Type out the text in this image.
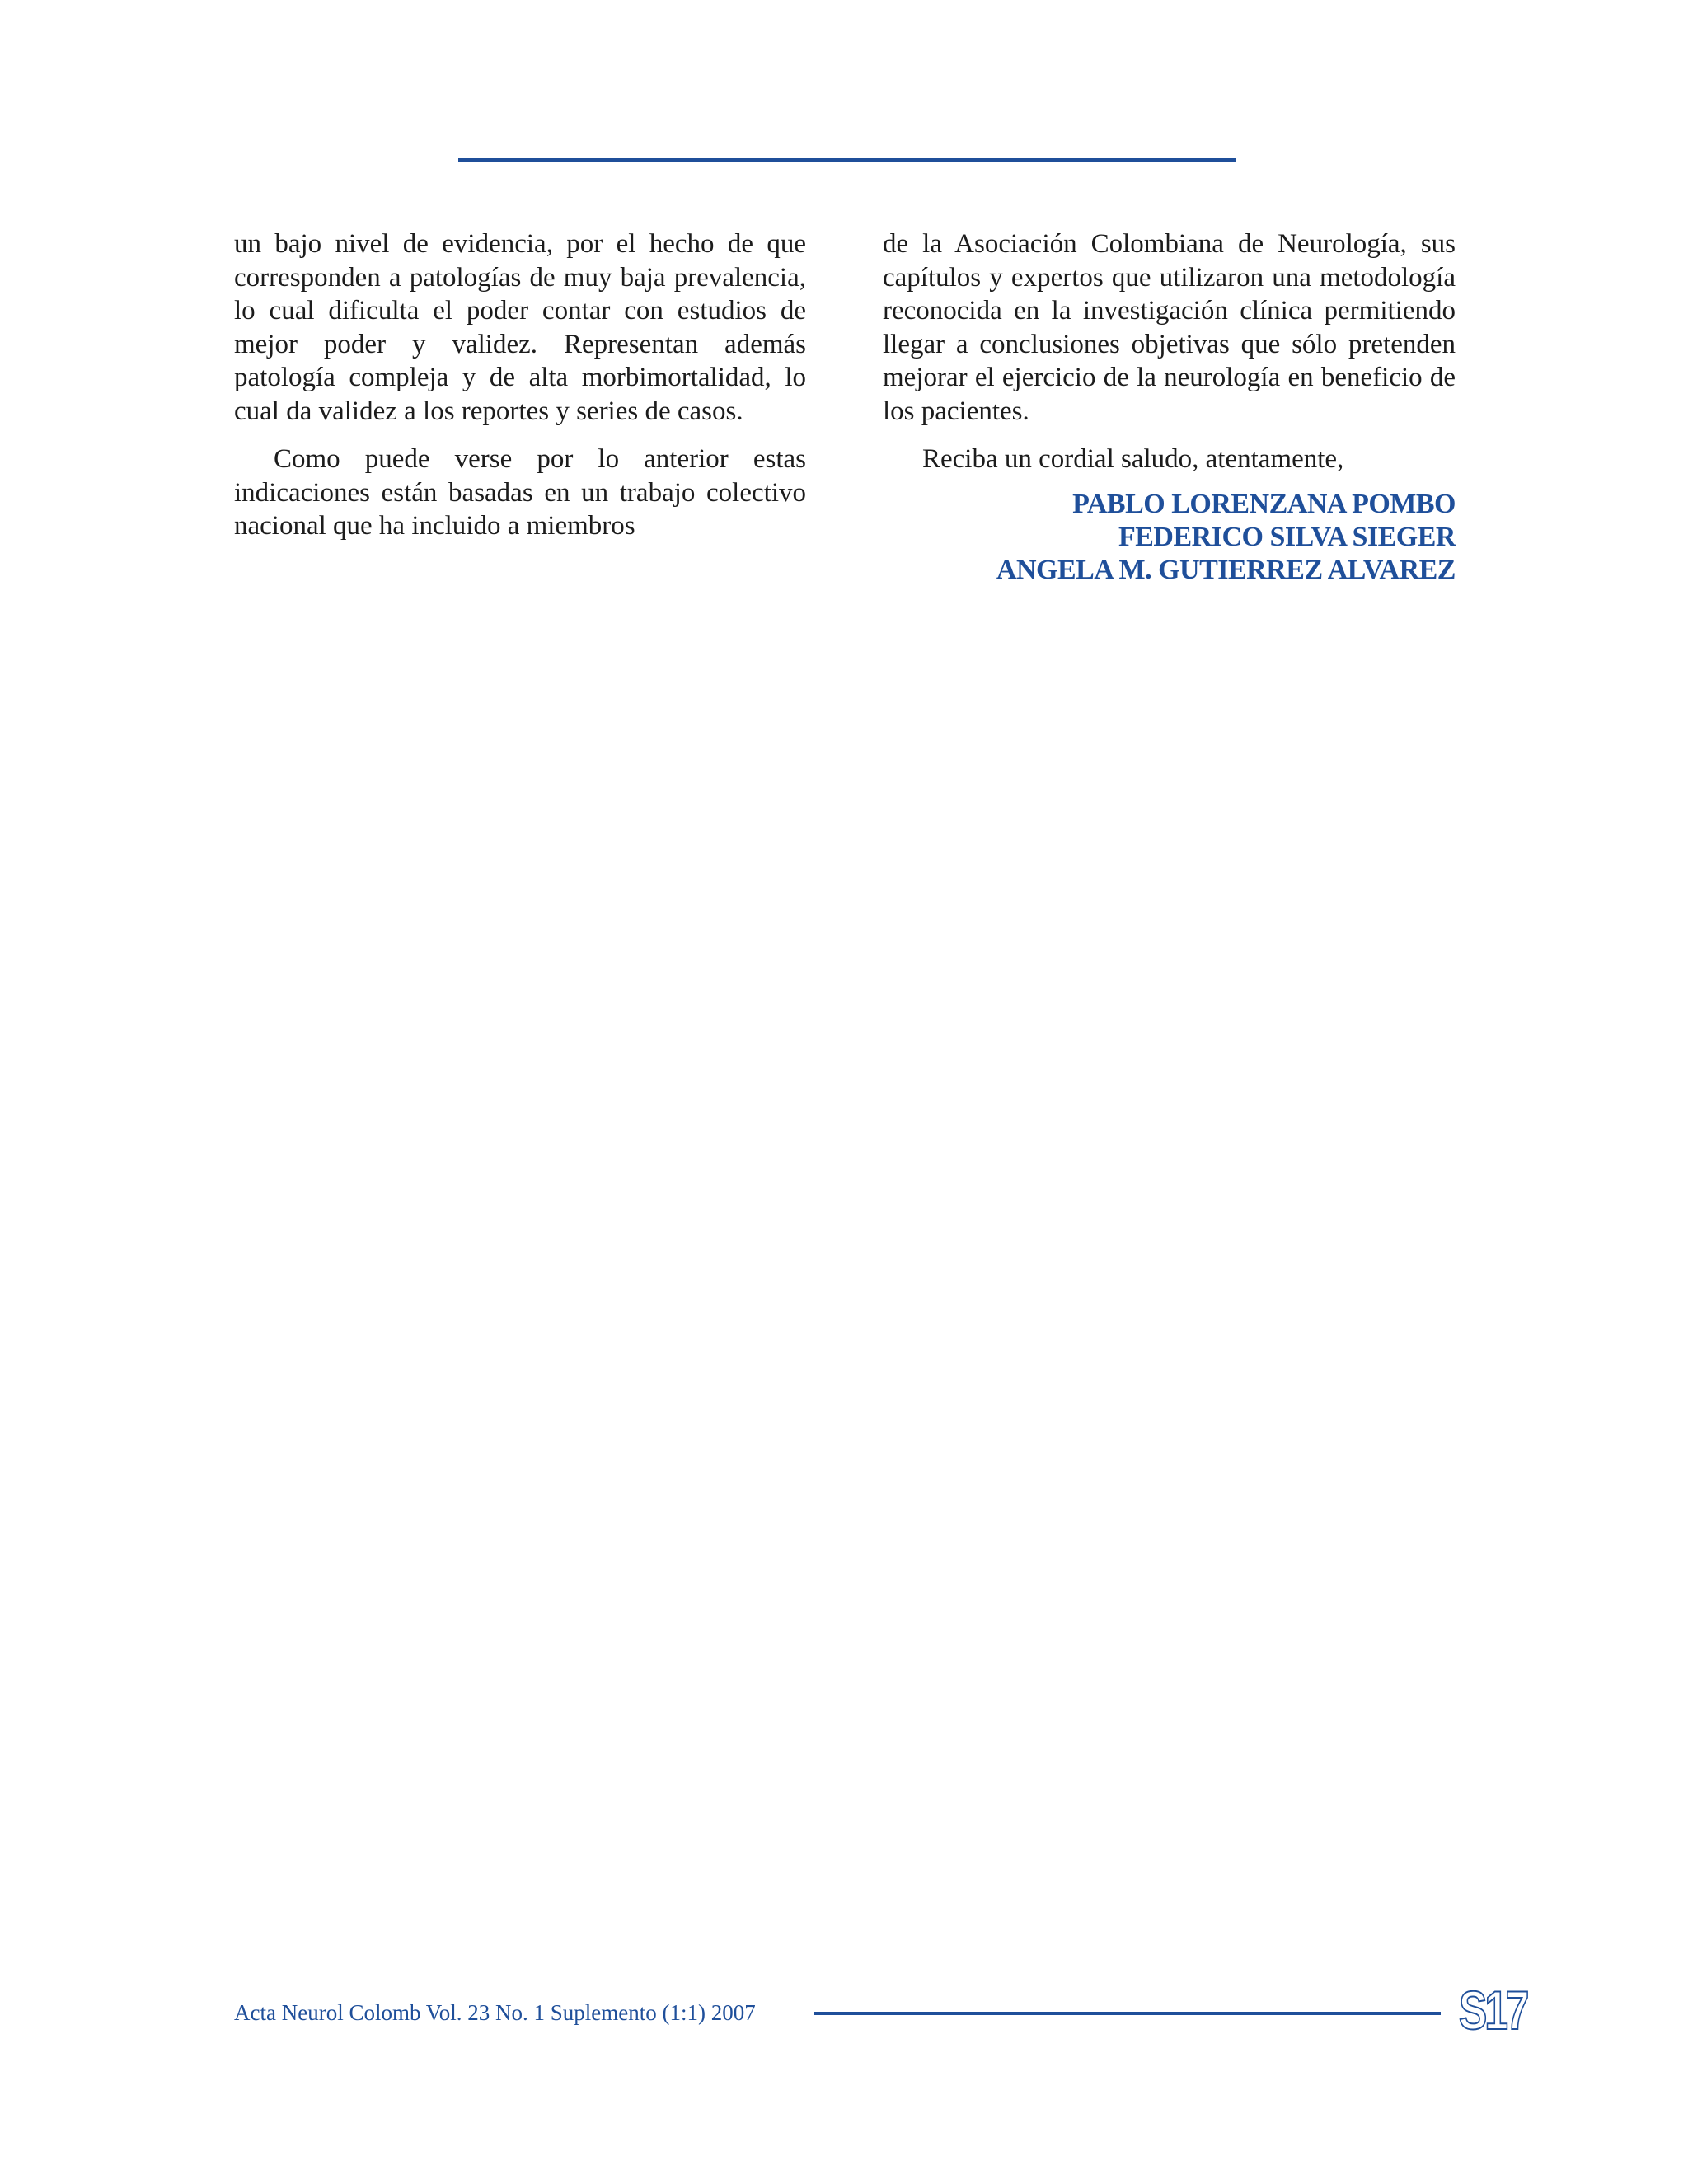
un bajo nivel de evidencia, por el hecho de que corresponden a patologías de muy baja prevalencia, lo cual dificulta el poder contar con estudios de mejor poder y validez. Representan además patología compleja y de alta morbimortalidad, lo cual da validez a los reportes y series de casos.

Como puede verse por lo anterior estas indicaciones están basadas en un trabajo colectivo nacional que ha incluido a miembros

de la Asociación Colombiana de Neurología, sus capítulos y expertos que utilizaron una metodología reconocida en la investigación clínica permitiendo llegar a conclusiones objetivas que sólo pretenden mejorar el ejercicio de la neurología en beneficio de los pacientes.

Reciba un cordial saludo, atentamente,

PABLO LORENZANA POMBO
FEDERICO SILVA SIEGER
ANGELA M. GUTIERREZ ALVAREZ
Acta Neurol Colomb Vol. 23 No. 1 Suplemento (1:1) 2007	S17
